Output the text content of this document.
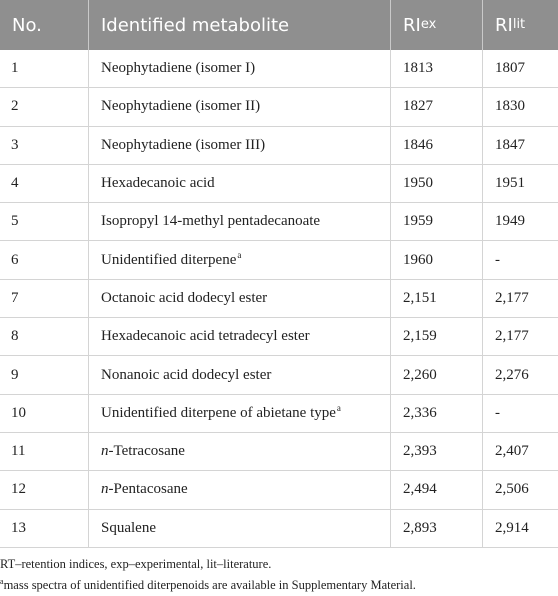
No.	Identified metabolite	RI ex	RI lit
1	Neophytadiene (isomer I)	1813	1807
2	Neophytadiene (isomer II)	1827	1830
3	Neophytadiene (isomer III)	1846	1847
4	Hexadecanoic acid	1950	1951
5	Isopropyl 14-methyl pentadecanoate	1959	1949
6	Unidentified diterpene$^a$	1960	-
7	Octanoic acid dodecyl ester	2,151	2,177
8	Hexadecanoic acid tetradecyl ester	2,159	2,177
9	Nonanoic acid dodecyl ester	2,260	2,276
10	Unidentified diterpene of abietane type$^a$	2,336	-
11	n-Tetracosane	2,393	2,407
12	n-Pentacosane	2,494	2,506
13	Squalene	2,893	2,914
RT–retention indices, exp–experimental, lit–literature.
$^a$mass spectra of unidentified diterpenoids are available in Supplementary Material.
